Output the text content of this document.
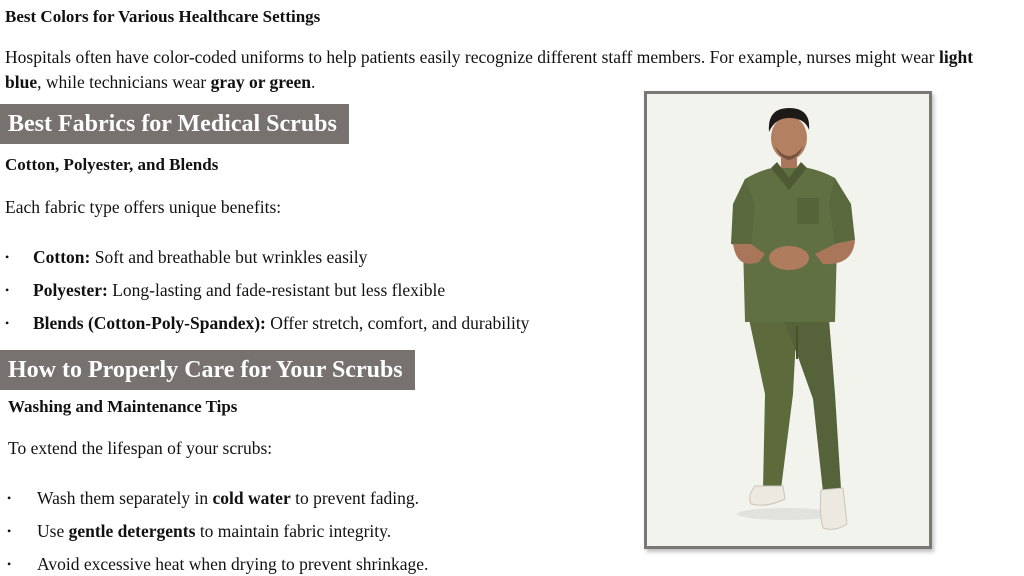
Best Colors for Various Healthcare Settings
Hospitals often have color-coded uniforms to help patients easily recognize different staff members. For example, nurses might wear light blue, while technicians wear gray or green.
Best Fabrics for Medical Scrubs
Cotton, Polyester, and Blends
Each fabric type offers unique benefits:
• Cotton: Soft and breathable but wrinkles easily
• Polyester: Long-lasting and fade-resistant but less flexible
• Blends (Cotton-Poly-Spandex): Offer stretch, comfort, and durability
How to Properly Care for Your Scrubs
Washing and Maintenance Tips
To extend the lifespan of your scrubs:
• Wash them separately in cold water to prevent fading.
• Use gentle detergents to maintain fabric integrity.
• Avoid excessive heat when drying to prevent shrinkage.
